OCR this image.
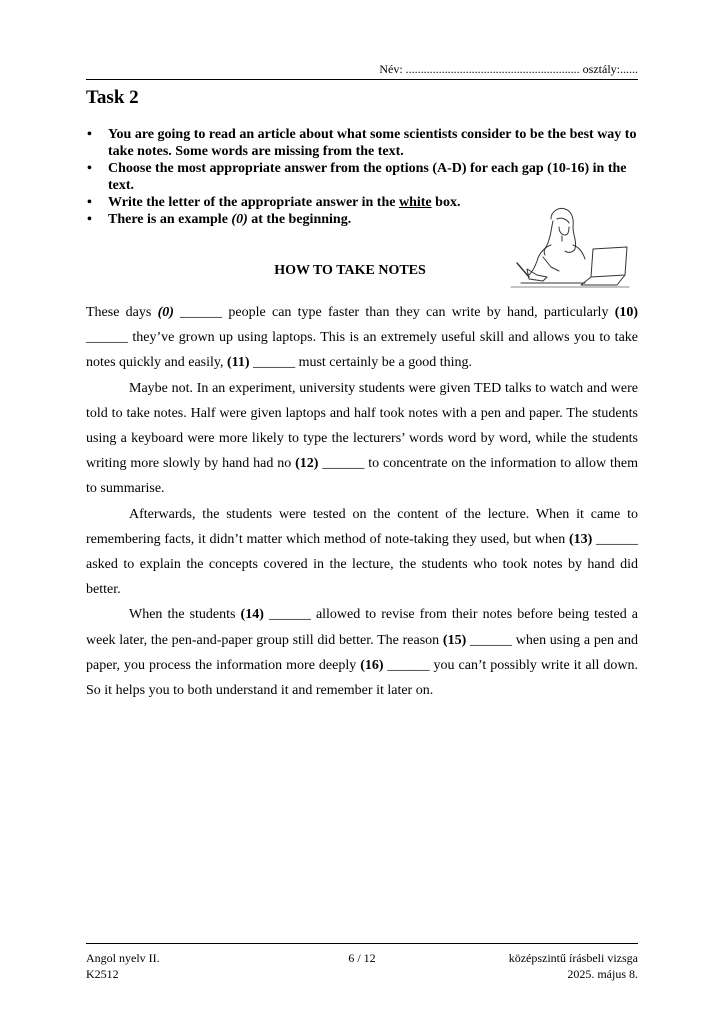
Név: .......................................................... osztály:......
Task 2
• You are going to read an article about what some scientists consider to be the best way to take notes. Some words are missing from the text.
• Choose the most appropriate answer from the options (A-D) for each gap (10-16) in the text.
• Write the letter of the appropriate answer in the white box.
• There is an example (0) at the beginning.
HOW TO TAKE NOTES

These days (0) ______ people can type faster than they can write by hand, particularly (10) ______ they’ve grown up using laptops. This is an extremely useful skill and allows you to take notes quickly and easily, (11) ______ must certainly be a good thing.

Maybe not. In an experiment, university students were given TED talks to watch and were told to take notes. Half were given laptops and half took notes with a pen and paper. The students using a keyboard were more likely to type the lecturers’ words word by word, while the students writing more slowly by hand had no (12) ______ to concentrate on the information to allow them to summarise.

Afterwards, the students were tested on the content of the lecture. When it came to remembering facts, it didn’t matter which method of note-taking they used, but when (13) ______ asked to explain the concepts covered in the lecture, the students who took notes by hand did better.

When the students (14) ______ allowed to revise from their notes before being tested a week later, the pen-and-paper group still did better. The reason (15) ______ when using a pen and paper, you process the information more deeply (16) ______ you can’t possibly write it all down. So it helps you to both understand it and remember it later on.

Angol nyelv II.
K2512
6 / 12	középszintű írásbeli vizsga
2025. május 8.
